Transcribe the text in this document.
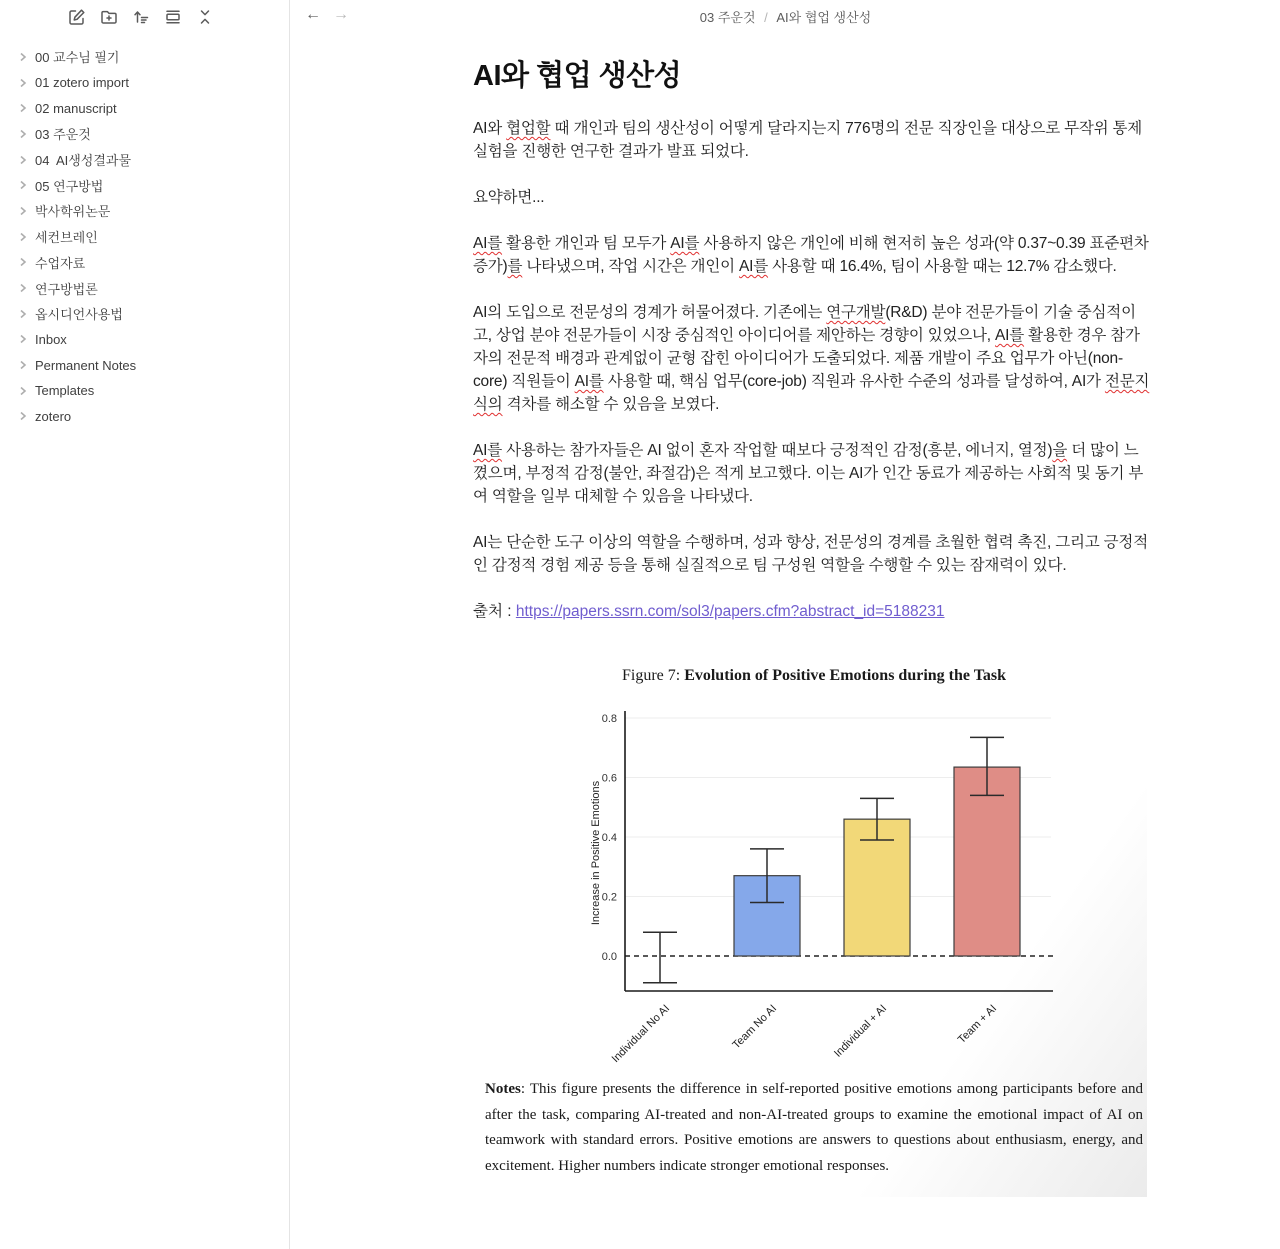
00 교수님 필기
01 zotero import
02 manuscript
03 주운것
04  AI생성결과물
05 연구방법
박사학위논문
세컨브레인
수업자료
연구방법론
옵시디언사용법
Inbox
Permanent Notes
Templates
zotero
← →	03 주운것 / AI와 협업 생산성
AI와 협업 생산성

AI와 협업할 때 개인과 팀의 생산성이 어떻게 달라지는지 776명의 전문 직장인을 대상으로 무작위 통제 실험을 진행한 연구한 결과가 발표 되었다.

요약하면...

AI를 활용한 개인과 팀 모두가 AI를 사용하지 않은 개인에 비해 현저히 높은 성과(약 0.37~0.39 표준편차 증가)를 나타냈으며, 작업 시간은 개인이 AI를 사용할 때 16.4%, 팀이 사용할 때는 12.7% 감소했다.

AI의 도입으로 전문성의 경계가 허물어졌다. 기존에는 연구개발(R&D) 분야 전문가들이 기술 중심적이고, 상업 분야 전문가들이 시장 중심적인 아이디어를 제안하는 경향이 있었으나, AI를 활용한 경우 참가자의 전문적 배경과 관계없이 균형 잡힌 아이디어가 도출되었다. 제품 개발이 주요 업무가 아닌(non-core) 직원들이 AI를 사용할 때, 핵심 업무(core-job) 직원과 유사한 수준의 성과를 달성하여, AI가 전문지식의 격차를 해소할 수 있음을 보였다.

AI를 사용하는 참가자들은 AI 없이 혼자 작업할 때보다 긍정적인 감정(흥분, 에너지, 열정)을 더 많이 느꼈으며, 부정적 감정(불안, 좌절감)은 적게 보고했다. 이는 AI가 인간 동료가 제공하는 사회적 및 동기 부여 역할을 일부 대체할 수 있음을 나타냈다.

AI는 단순한 도구 이상의 역할을 수행하며, 성과 향상, 전문성의 경계를 초월한 협력 촉진, 그리고 긍정적인 감정적 경험 제공 등을 통해 실질적으로 팀 구성원 역할을 수행할 수 있는 잠재력이 있다.

출처 : https://papers.ssrn.com/sol3/papers.cfm?abstract_id=5188231

Figure 7: Evolution of Positive Emotions during the Task
0.0
0.2
0.4
0.6
0.8
Individual No AI	Team No AI	Individual + AI	Team + AI
Increase in Positive Emotions

Notes: This figure presents the difference in self-reported positive emotions among participants before and after the task, comparing AI-treated and non-AI-treated groups to examine the emotional impact of AI on teamwork with standard errors. Positive emotions are answers to questions about enthusiasm, energy, and excitement. Higher numbers indicate stronger emotional responses.
